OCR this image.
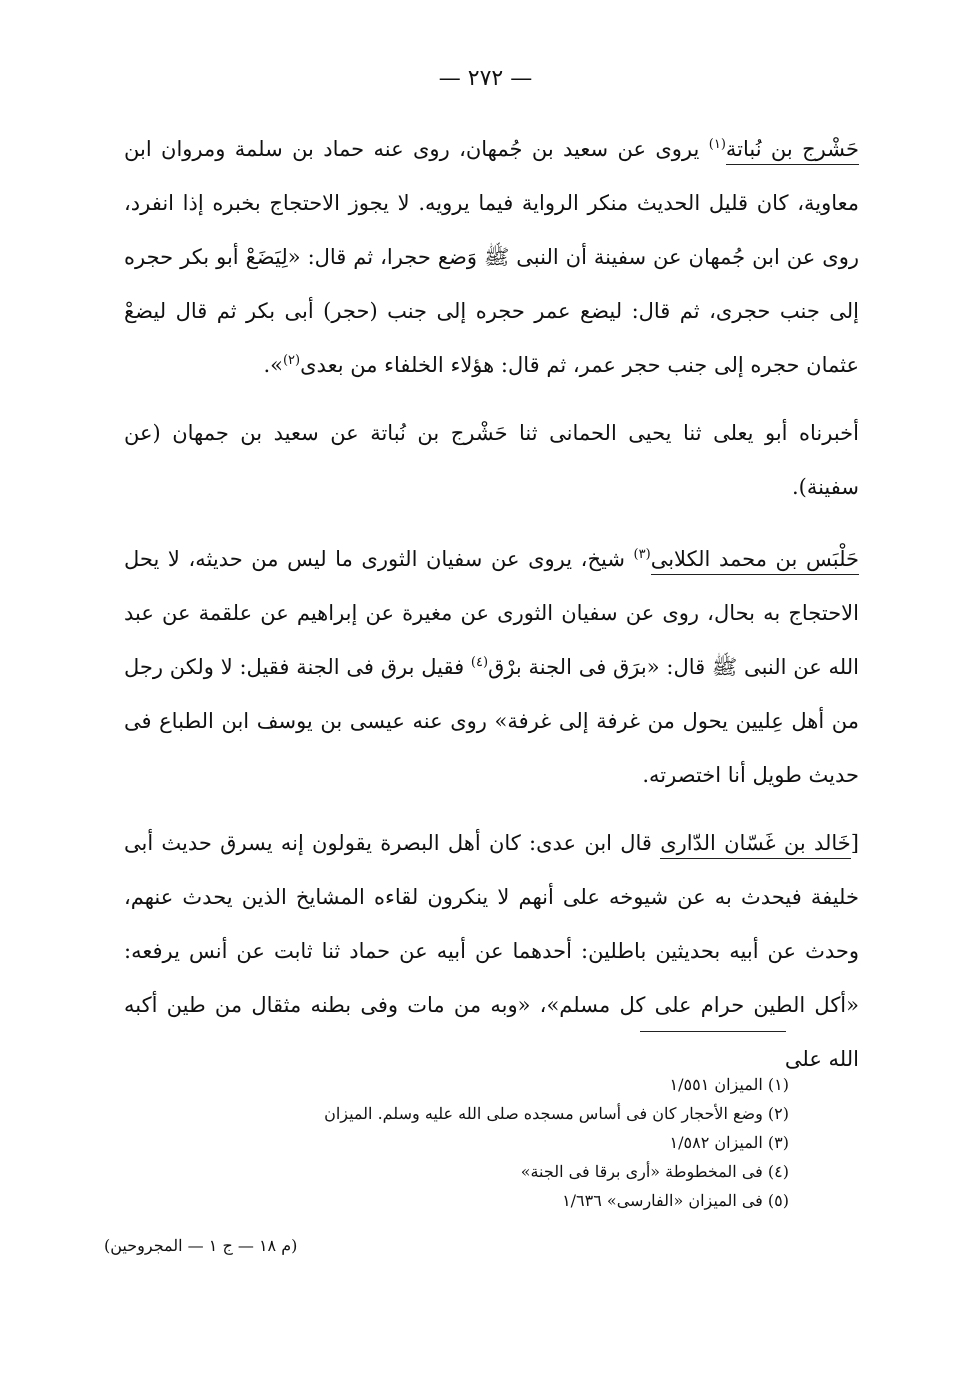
— ٢٧٢ —

حَشْرج بن نُباتة$^{(١)}$ يروى عن سعيد بن جُمهان، روى عنه حماد بن سلمة ومروان ابن معاوية، كان قليل الحديث منكر الرواية فيما يرويه. لا يجوز الاحتجاج بخبره إذا انفرد، روى عن ابن جُمهان عن سفينة أن النبى ﷺ وَضع حجرا، ثم قال: «لِيَضَعْ أبو بكر حجره إلى جنب حجرى، ثم قال: ليضع عمر حجره إلى جنب (حجر) أبى بكر ثم قال ليضعْ عثمان حجره إلى جنب حجر عمر، ثم قال: هؤلاء الخلفاء من بعدى$^{(٢)}$».

أخبرناه أبو يعلى ثنا يحيى الحمانى ثنا حَشْرج بن نُباتة عن سعيد بن جمهان (عن سفينة).

حَلْبَس بن محمد الكلابى$^{(٣)}$ شيخ، يروى عن سفيان الثورى ما ليس من حديثه، لا يحل الاحتجاج به بحال، روى عن سفيان الثورى عن مغيرة عن إبراهيم عن علقمة عن عبد الله عن النبى ﷺ قال: «برَق فى الجنة برْق$^{(٤)}$ فقيل برق فى الجنة فقيل: لا ولكن رجل من أهل عِليين يحول من غرفة إلى غرفة» روى عنه عيسى بن يوسف ابن الطباع فى حديث طويل أنا اختصرته.

[خَالد بن غَسّان الدّارى قال ابن عدى: كان أهل البصرة يقولون إنه يسرق حديث أبى خليفة فيحدث به عن شيوخه على أنهم لا ينكرون لقاءه المشايخ الذين يحدث عنهم، وحدث عن أبيه بحديثين باطلين: أحدهما عن أبيه عن حماد ثنا ثابت عن أنس يرفعه: «أكل الطين حرام على كل مسلم»، «وبه من مات وفى بطنه مثقال من طين أكبه الله على

(١) الميزان ١/٥٥١
(٢) وضع الأحجار كان فى أساس مسجده صلى الله عليه وسلم. الميزان
(٣) الميزان ١/٥٨٢
(٤) فى المخطوطة «أرى برقا فى الجنة»
(٥) فى الميزان «الفارسى» ١/٦٣٦
(م ١٨ — ج ١ — المجروحين)
